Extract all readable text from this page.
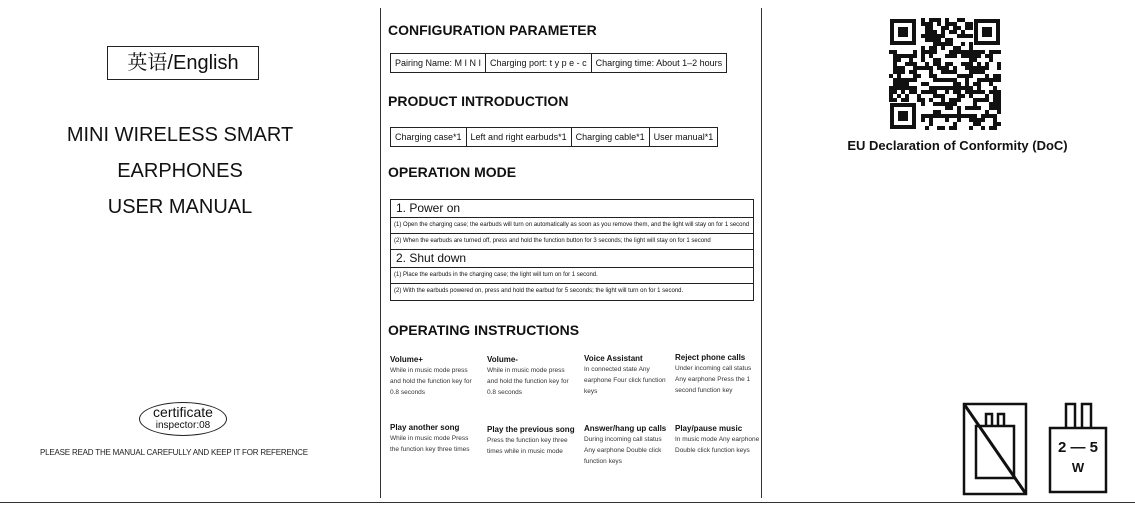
英语/English
MINI WIRELESS SMART
EARPHONES
USER MANUAL
certificate
inspector:08
PLEASE READ THE MANUAL CAREFULLY AND KEEP IT FOR REFERENCE
CONFIGURATION PARAMETER
Pairing Name: M I N I	Charging port: t y p e - c	Charging time: About 1–2 hours
PRODUCT INTRODUCTION
Charging case*1	Left and right earbuds*1	Charging cable*1	User manual*1
OPERATION MODE
1. Power on
(1) Open the charging case; the earbuds will turn on automatically as soon as you remove them, and the light will stay on for 1 second
(2) When the earbuds are turned off, press and hold the function button for 3 seconds; the light will stay on for 1 second
2. Shut down
(1) Place the earbuds in the charging case; the light will turn on for 1 second.
(2) With the earbuds powered on, press and hold the earbud for 5 seconds; the light will turn on for 1 second.
OPERATING INSTRUCTIONS
Volume+
While in music mode press and hold the function key for 0.8 seconds
Volume-
While in music mode press and hold the function key for 0.8 seconds
Voice Assistant
In connected state Any earphone Four click function keys
Reject phone calls
Under incoming call status Any earphone Press the 1 second function key
Play another song
While in music mode Press the function key three times
Play the previous song
Press the function key three times while in music mode
Answer/hang up calls
During incoming call status Any earphone Double click function keys
Play/pause music
In music mode Any earphone Double click function keys
EU Declaration of Conformity (DoC)
2 — 5
W
